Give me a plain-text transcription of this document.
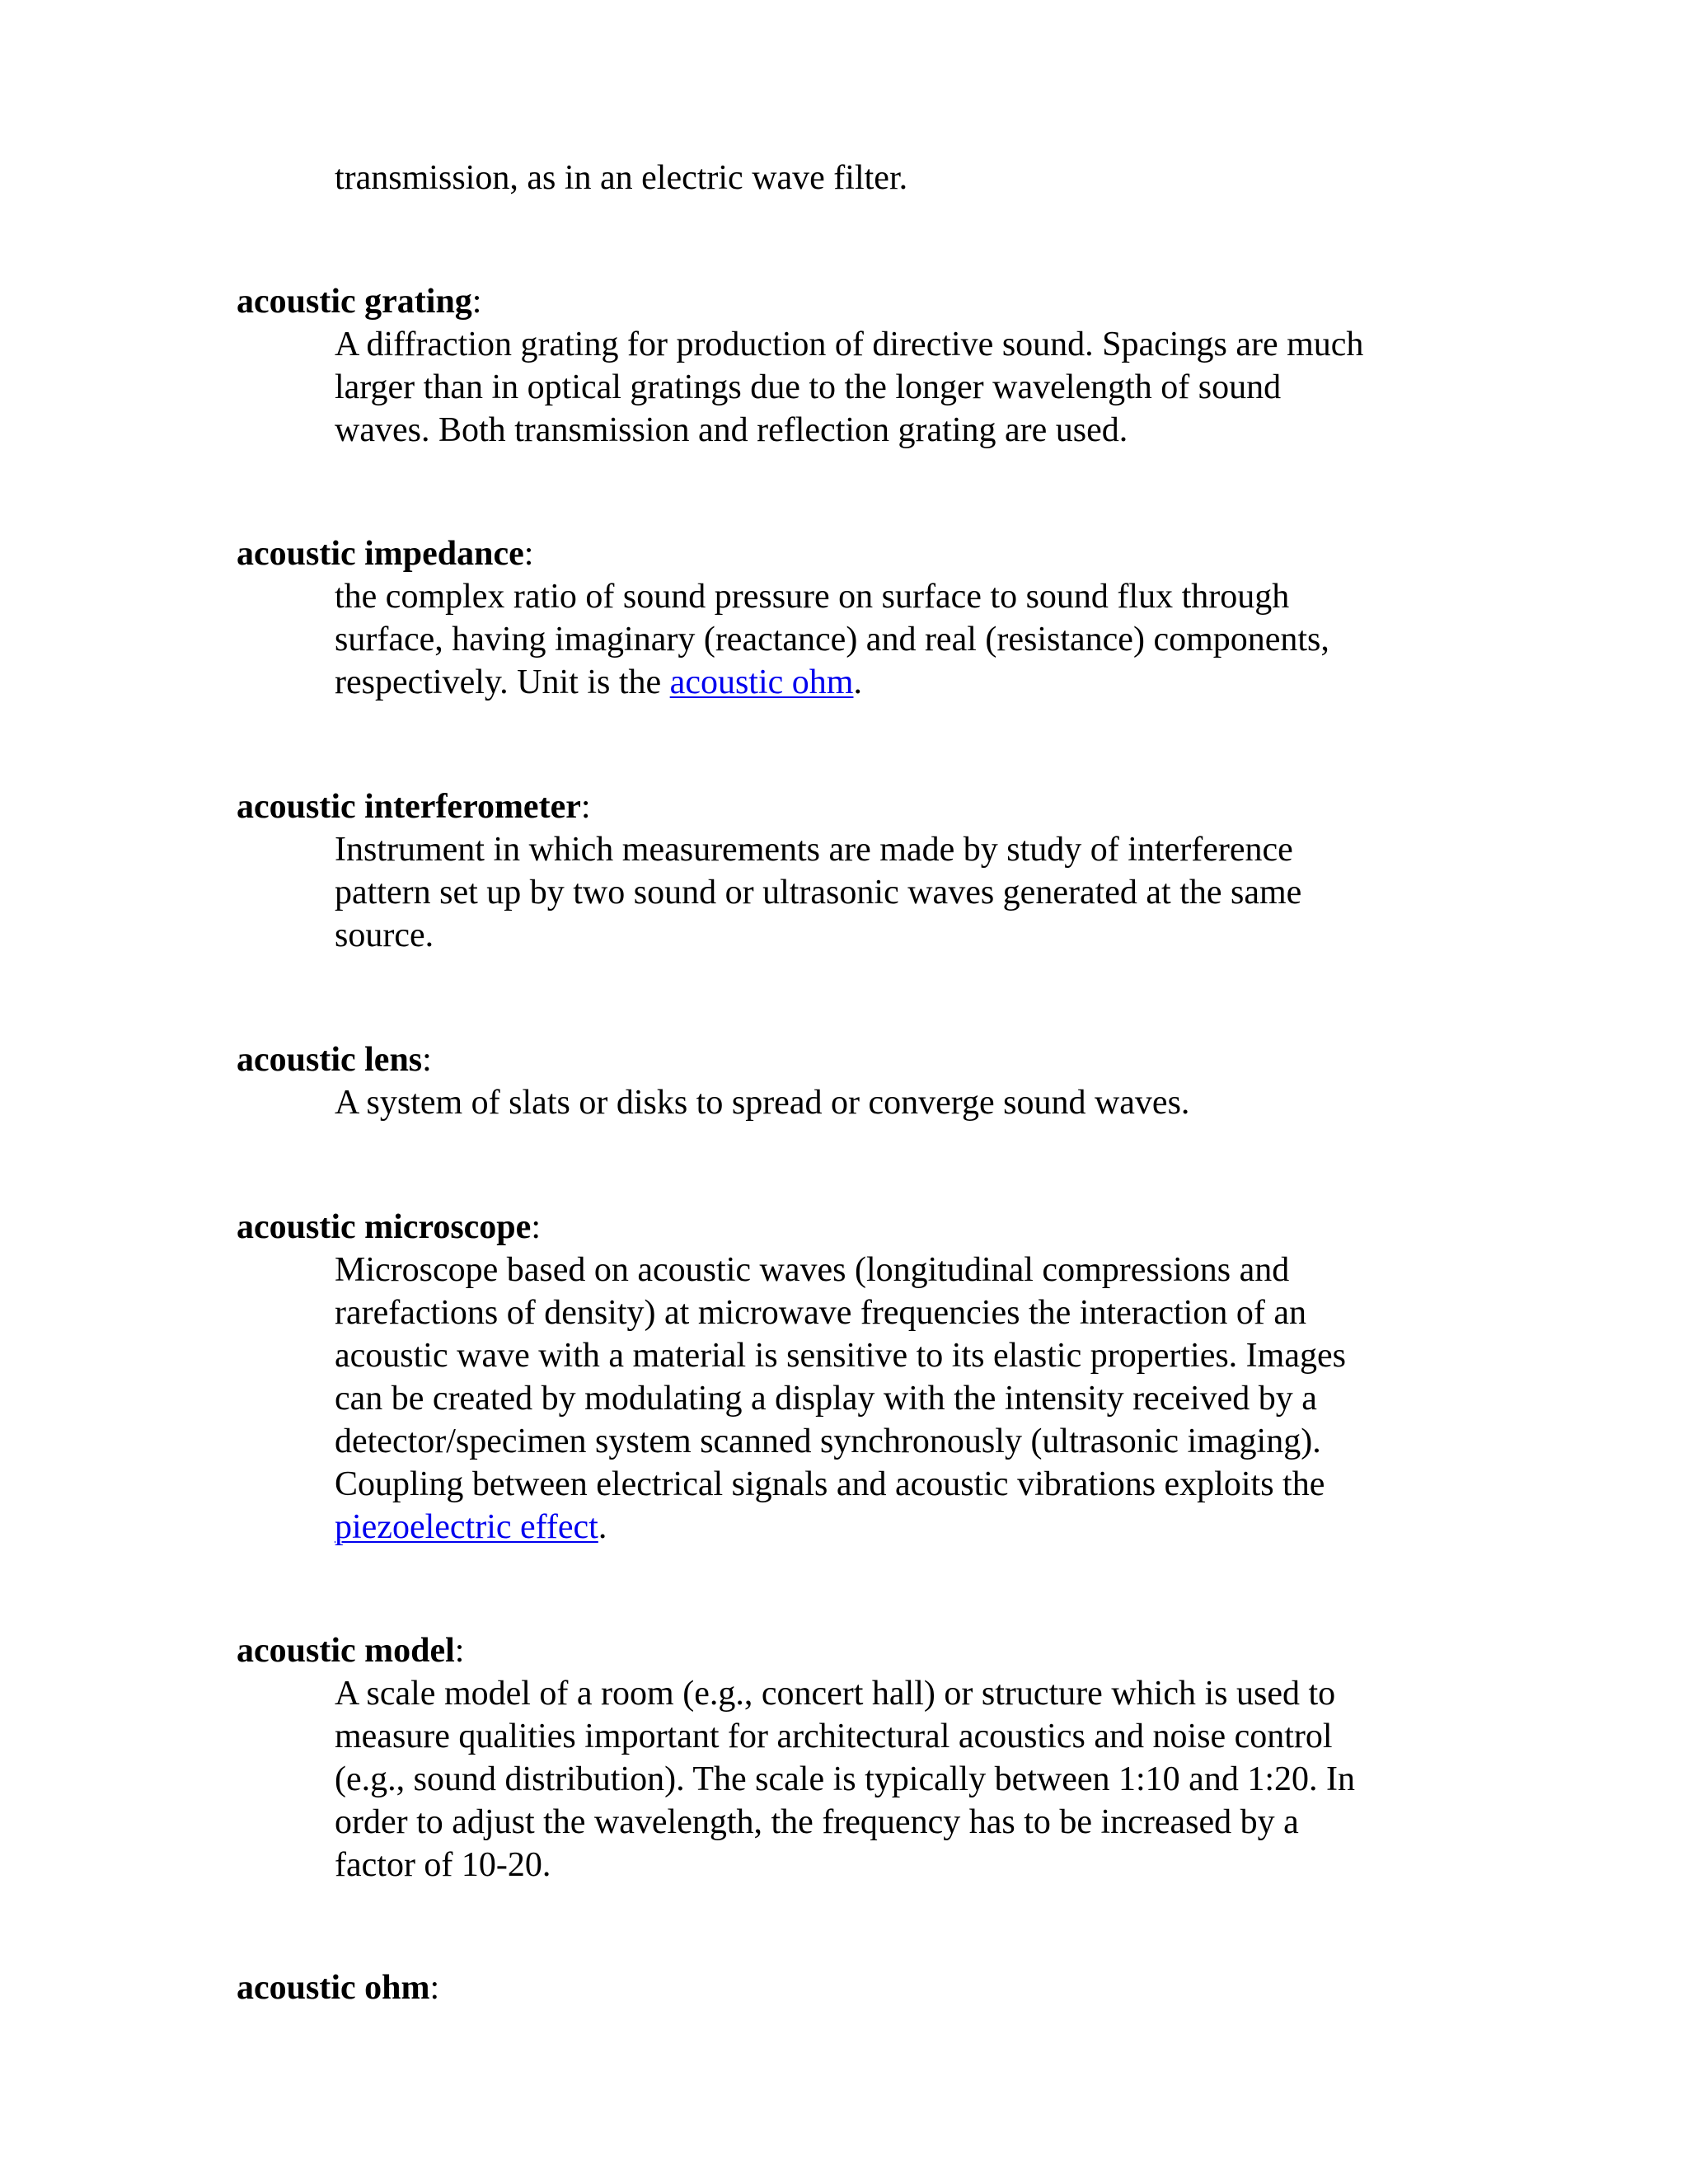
transmission, as in an electric wave filter.
acoustic grating:
A diffraction grating for production of directive sound. Spacings are much
larger than in optical gratings due to the longer wavelength of sound
waves. Both transmission and reflection grating are used.
acoustic impedance:
the complex ratio of sound pressure on surface to sound flux through
surface, having imaginary (reactance) and real (resistance) components,
respectively. Unit is the acoustic ohm.
acoustic interferometer:
Instrument in which measurements are made by study of interference
pattern set up by two sound or ultrasonic waves generated at the same
source.
acoustic lens:
A system of slats or disks to spread or converge sound waves.
acoustic microscope:
Microscope based on acoustic waves (longitudinal compressions and
rarefactions of density) at microwave frequencies the interaction of an
acoustic wave with a material is sensitive to its elastic properties. Images
can be created by modulating a display with the intensity received by a
detector/specimen system scanned synchronously (ultrasonic imaging).
Coupling between electrical signals and acoustic vibrations exploits the
piezoelectric effect.
acoustic model:
A scale model of a room (e.g., concert hall) or structure which is used to
measure qualities important for architectural acoustics and noise control
(e.g., sound distribution). The scale is typically between 1:10 and 1:20. In
order to adjust the wavelength, the frequency has to be increased by a
factor of 10-20.
acoustic ohm:
